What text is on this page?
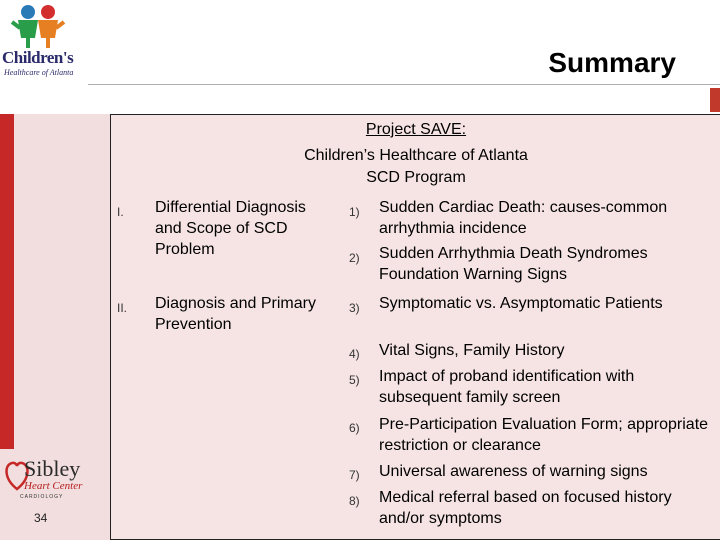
Children's
Healthcare of Atlanta	Summary
Project SAVE:
Children’s Healthcare of Atlanta
SCD Program
I. Differential Diagnosis and Scope of SCD Problem
1) Sudden Cardiac Death: causes-common arrhythmia incidence
2) Sudden Arrhythmia Death Syndromes Foundation Warning Signs
II. Diagnosis and Primary Prevention
3) Symptomatic vs. Asymptomatic Patients
4) Vital Signs, Family History
5) Impact of proband identification with subsequent family screen
6) Pre-Participation Evaluation Form; appropriate restriction or clearance
7) Universal awareness of warning signs
8) Medical referral based on focused history and/or symptoms
Sibley
Heart Center
CARDIOLOGY
34
